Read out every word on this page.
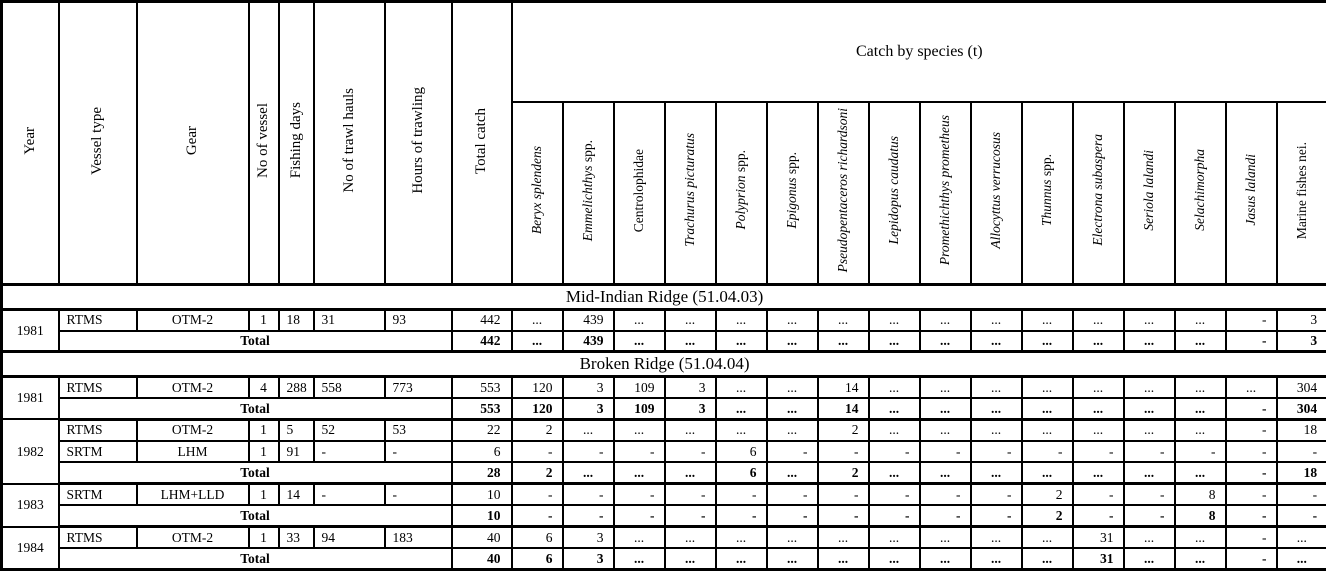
Year	Vessel type	Gear	No of vessel	Fishing days	No of trawl hauls	Hours of trawling	Total catch	Catch by species (t)															
								Beryx splendens	Emmelichthys spp.	Centrolophidae	Trachurus picturatus	Polyprion spp.	Epigonus spp.	Pseudopentaceros richardsoni	Lepidopus caudatus	Promethichthys prometheus	Allocyttus verrucosus	Thunnus spp.	Electrona subaspera	Seriola lalandi	Selachimorpha	Jasus lalandi	Marine fishes nei.
Mid-Indian Ridge (51.04.03)																							
1981	RTMS	OTM-2	1	18	31	93	442	...	439	...	...	...	...	...	...	...	...	...	...	...	...	-	3
	Total						442	...	439	...	...	...	...	...	...	...	...	...	...	...	...	-	3
Broken Ridge (51.04.04)																							
1981	RTMS	OTM-2	4	288	558	773	553	120	3	109	3	...	...	14	...	...	...	...	...	...	...	...	304
	Total						553	120	3	109	3	...	...	14	...	...	...	...	...	...	...	-	304
1982	RTMS	OTM-2	1	5	52	53	22	2	...	...	...	...	...	2	...	...	...	...	...	...	...	-	18
	SRTM	LHM	1	91	-	-	6	-	-	-	-	6	-	-	-	-	-	-	-	-	-	-	-
	Total						28	2	...	...	...	6	...	2	...	...	...	...	...	...	...	-	18
1983	SRTM	LHM+LLD	1	14	-	-	10	-	-	-	-	-	-	-	-	-	-	2	-	-	8	-	-
	Total						10	-	-	-	-	-	-	-	-	-	-	2	-	-	8	-	-
1984	RTMS	OTM-2	1	33	94	183	40	6	3	...	...	...	...	...	...	...	...	...	31	...	...	-	...
	Total						40	6	3	...	...	...	...	...	...	...	...	...	31	...	...	-	...
